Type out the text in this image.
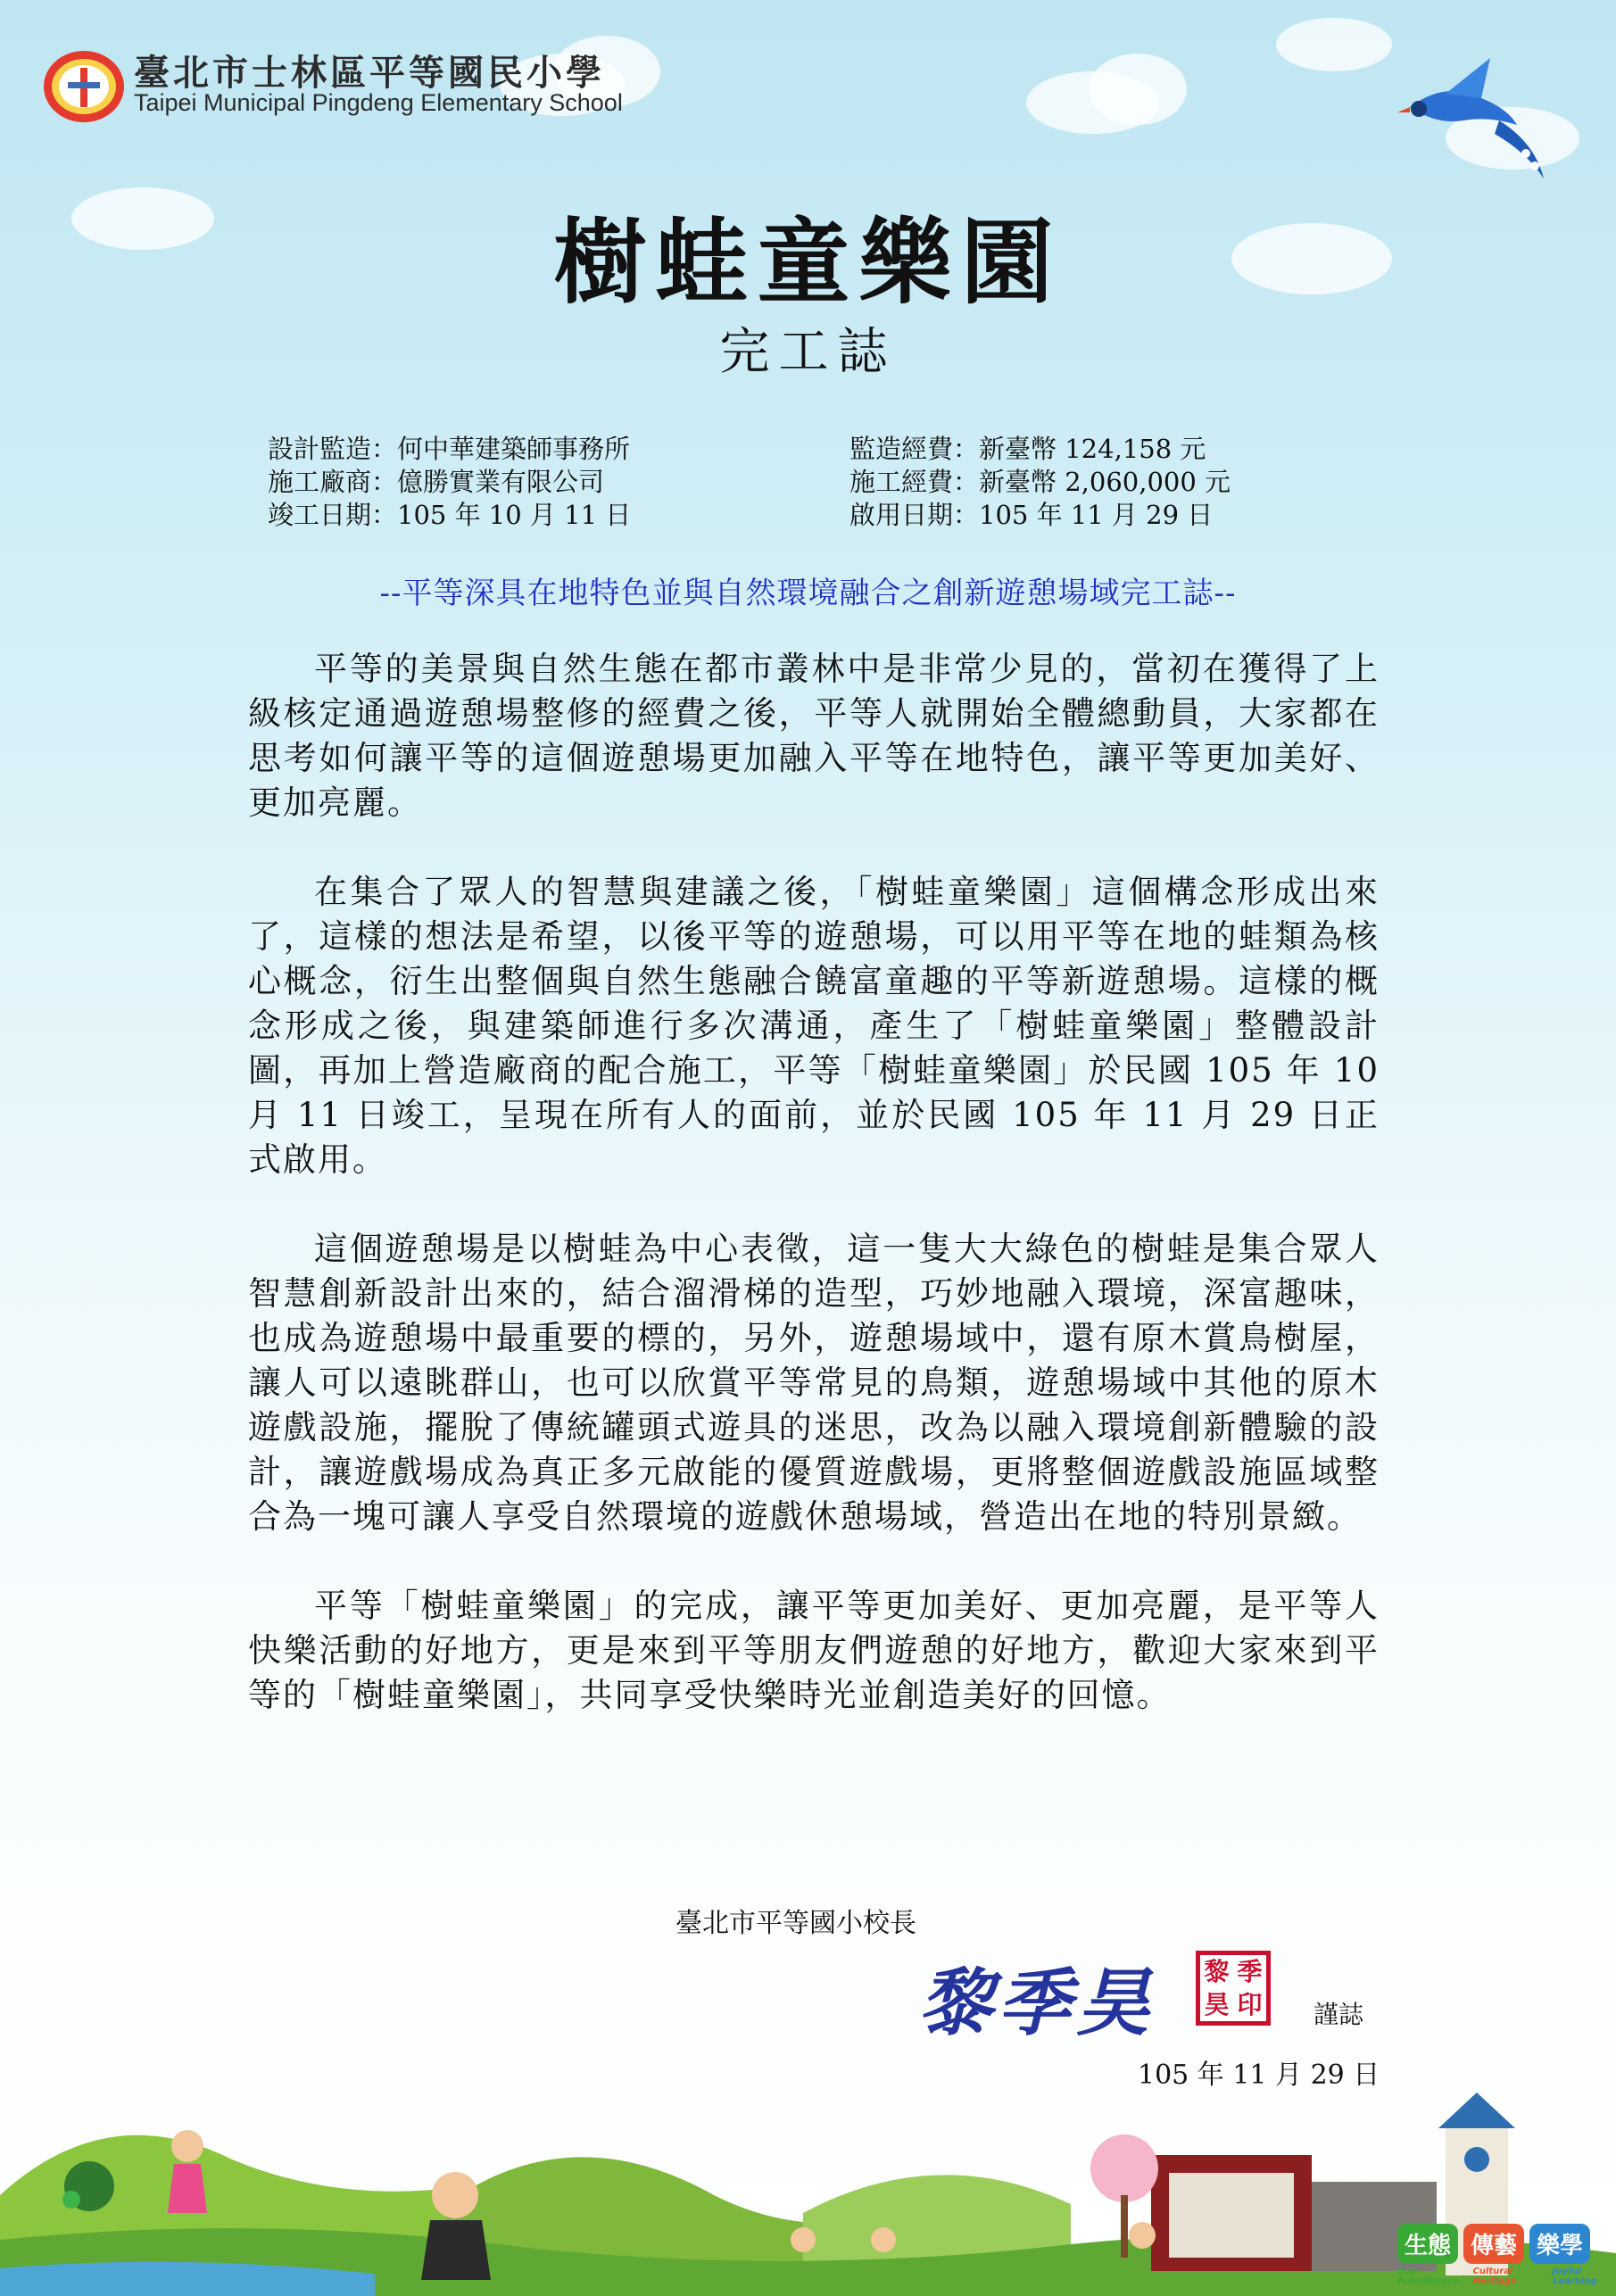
臺北市士林區平等國民小學
Taipei Municipal Pingdeng Elementary School
樹蛙童樂園
完工誌
設計監造：何中華建築師事務所
施工廠商：億勝實業有限公司
竣工日期：105 年 10 月 11 日
監造經費：新臺幣 124,158 元
施工經費：新臺幣 2,060,000 元
啟用日期：105 年 11 月 29 日
--平等深具在地特色並與自然環境融合之創新遊憩場域完工誌--

平等的美景與自然生態在都市叢林中是非常少見的，當初在獲得了上級核定通過遊憩場整修的經費之後，平等人就開始全體總動員，大家都在思考如何讓平等的這個遊憩場更加融入平等在地特色，讓平等更加美好、更加亮麗。

在集合了眾人的智慧與建議之後，「樹蛙童樂園」這個構念形成出來了，這樣的想法是希望，以後平等的遊憩場，可以用平等在地的蛙類為核心概念，衍生出整個與自然生態融合饒富童趣的平等新遊憩場。這樣的概念形成之後，與建築師進行多次溝通，產生了「樹蛙童樂園」整體設計圖，再加上營造廠商的配合施工，平等「樹蛙童樂園」於民國 105 年 10 月 11 日竣工，呈現在所有人的面前，並於民國 105 年 11 月 29 日正式啟用。

這個遊憩場是以樹蛙為中心表徵，這一隻大大綠色的樹蛙是集合眾人智慧創新設計出來的，結合溜滑梯的造型，巧妙地融入環境，深富趣味，也成為遊憩場中最重要的標的，另外，遊憩場域中，還有原木賞鳥樹屋，讓人可以遠眺群山，也可以欣賞平等常見的鳥類，遊憩場域中其他的原木遊戲設施，擺脫了傳統罐頭式遊具的迷思，改為以融入環境創新體驗的設計，讓遊戲場成為真正多元啟能的優質遊戲場，更將整個遊戲設施區域整合為一塊可讓人享受自然環境的遊戲休憩場域，營造出在地的特別景緻。

平等「樹蛙童樂園」的完成，讓平等更加美好、更加亮麗，是平等人快樂活動的好地方，更是來到平等朋友們遊憩的好地方，歡迎大家來到平等的「樹蛙童樂園」，共同享受快樂時光並創造美好的回憶。

臺北市平等國小校長
黎季昊 黎 季
昊 印 謹誌
105 年 11 月 29 日
生態 傳藝 樂學
Eco-Friendliness
Cultural Heritage
Joyful Learning
